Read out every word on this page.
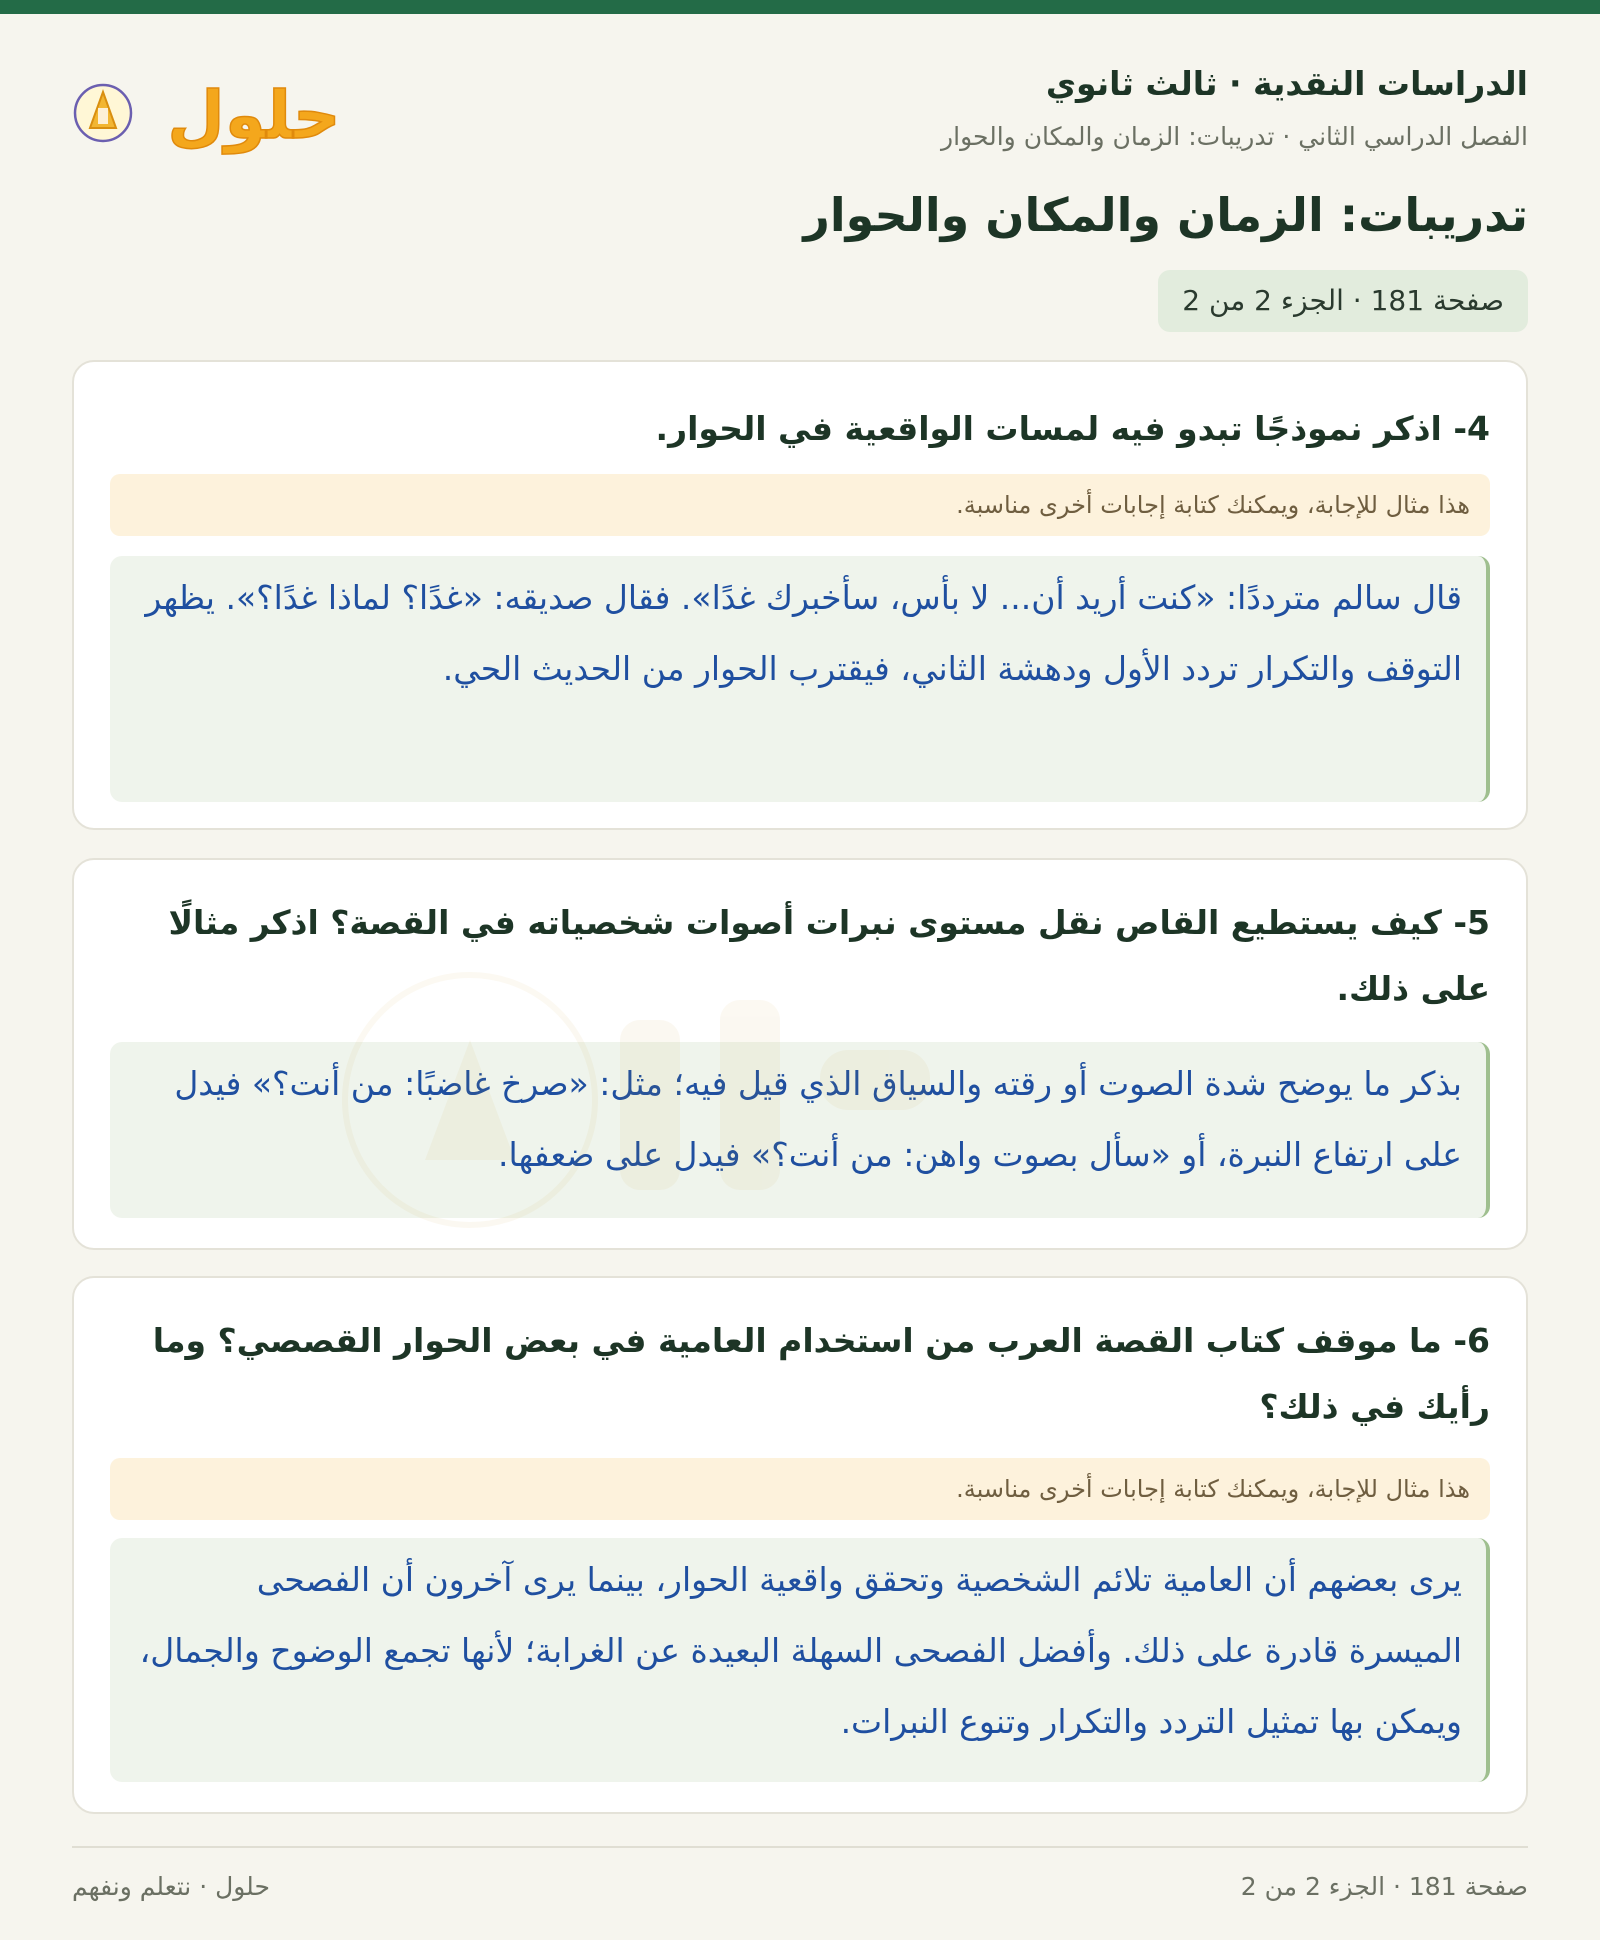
الدراسات النقدية · ثالث ثانوي
الفصل الدراسي الثاني · تدريبات: الزمان والمكان والحوار
حلول
تدريبات: الزمان والمكان والحوار
صفحة 181 · الجزء 2 من 2
4- اذكر نموذجًا تبدو فيه لمسات الواقعية في الحوار.
هذا مثال للإجابة، ويمكنك كتابة إجابات أخرى مناسبة.
قال سالم مترددًا: «كنت أريد أن... لا بأس، سأخبرك غدًا». فقال صديقه: «غدًا؟ لماذا غدًا؟». يظهر التوقف والتكرار تردد الأول ودهشة الثاني، فيقترب الحوار من الحديث الحي.
5- كيف يستطيع القاص نقل مستوى نبرات أصوات شخصياته في القصة؟ اذكر مثالًا على ذلك.
بذكر ما يوضح شدة الصوت أو رقته والسياق الذي قيل فيه؛ مثل: «صرخ غاضبًا: من أنت؟» فيدل على ارتفاع النبرة، أو «سأل بصوت واهن: من أنت؟» فيدل على ضعفها.
6- ما موقف كتاب القصة العرب من استخدام العامية في بعض الحوار القصصي؟ وما رأيك في ذلك؟
هذا مثال للإجابة، ويمكنك كتابة إجابات أخرى مناسبة.
يرى بعضهم أن العامية تلائم الشخصية وتحقق واقعية الحوار، بينما يرى آخرون أن الفصحى الميسرة قادرة على ذلك. وأفضل الفصحى السهلة البعيدة عن الغرابة؛ لأنها تجمع الوضوح والجمال، ويمكن بها تمثيل التردد والتكرار وتنوع النبرات.
صفحة 181 · الجزء 2 من 2
حلول · نتعلم ونفهم
